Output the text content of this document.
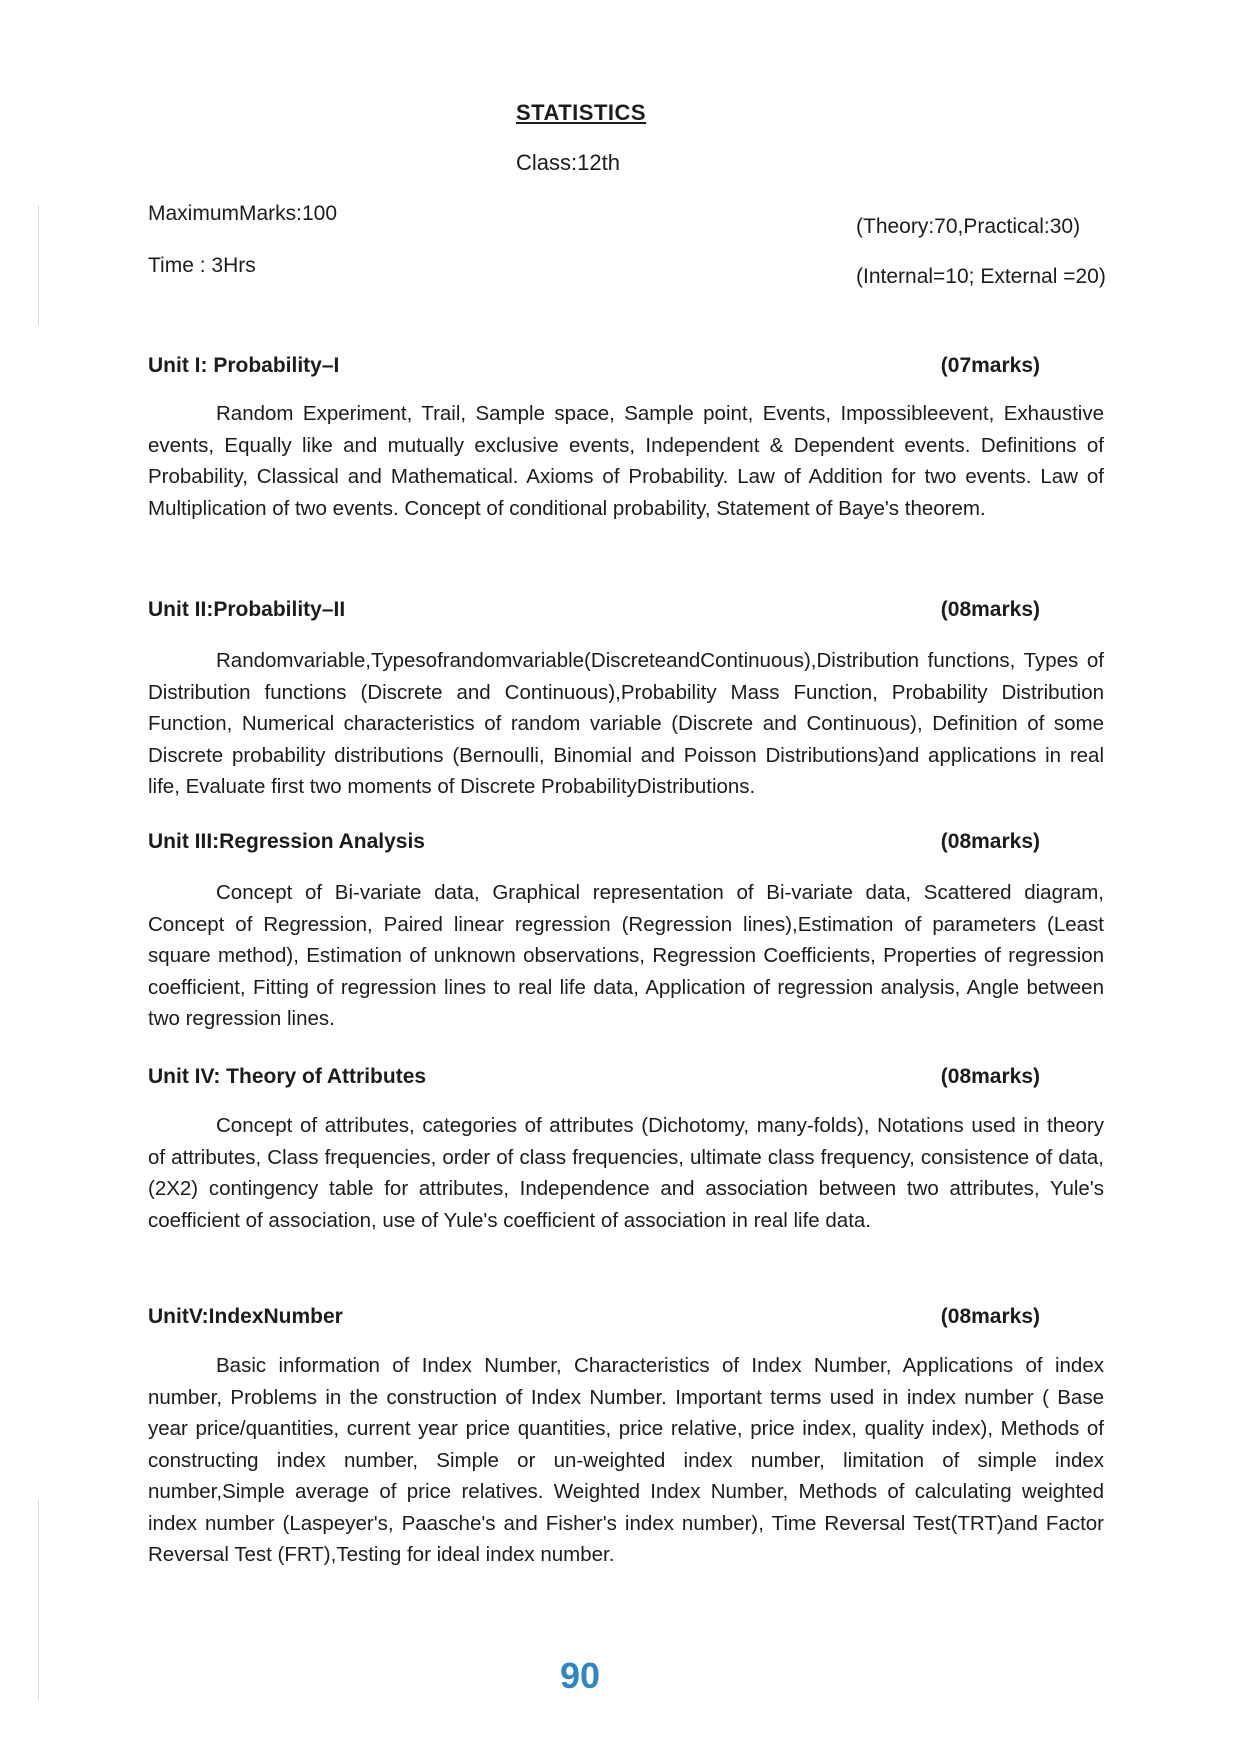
STATISTICS
Class:12th
MaximumMarks:100
Time : 3Hrs
(Theory:70,Practical:30)
(Internal=10; External =20)
Unit I: Probability–I	(07marks)
Random Experiment, Trail, Sample space, Sample point, Events, Impossibleevent, Exhaustive events, Equally like and mutually exclusive events, Independent & Dependent events. Definitions of Probability, Classical and Mathematical. Axioms of Probability. Law of Addition for two events. Law of Multiplication of two events. Concept of conditional probability, Statement of Baye's theorem.
Unit II:Probability–II	(08marks)
Randomvariable,Typesofrandomvariable(DiscreteandContinuous),Distribution functions, Types of Distribution functions (Discrete and Continuous),Probability Mass Function, Probability Distribution Function, Numerical characteristics of random variable (Discrete and Continuous), Definition of some Discrete probability distributions (Bernoulli, Binomial and Poisson Distributions)and applications in real life, Evaluate first two moments of Discrete ProbabilityDistributions.
Unit III:Regression Analysis	(08marks)
Concept of Bi-variate data, Graphical representation of Bi-variate data, Scattered diagram, Concept of Regression, Paired linear regression (Regression lines),Estimation of parameters (Least square method), Estimation of unknown observations, Regression Coefficients, Properties of regression coefficient, Fitting of regression lines to real life data, Application of regression analysis, Angle between two regression lines.
Unit IV: Theory of Attributes	(08marks)
Concept of attributes, categories of attributes (Dichotomy, many-folds), Notations used in theory of attributes, Class frequencies, order of class frequencies, ultimate class frequency, consistence of data, (2X2) contingency table for attributes, Independence and association between two attributes, Yule's coefficient of association, use of Yule's coefficient of association in real life data.
UnitV:IndexNumber	(08marks)
Basic information of Index Number, Characteristics of Index Number, Applications of index number, Problems in the construction of Index Number. Important terms used in index number ( Base year price/quantities, current year price quantities, price relative, price index, quality index), Methods of constructing index number, Simple or un-weighted index number, limitation of simple index number,Simple average of price relatives. Weighted Index Number, Methods of calculating weighted index number (Laspeyer's, Paasche's and Fisher's index number), Time Reversal Test(TRT)and Factor Reversal Test (FRT),Testing for ideal index number.
90
